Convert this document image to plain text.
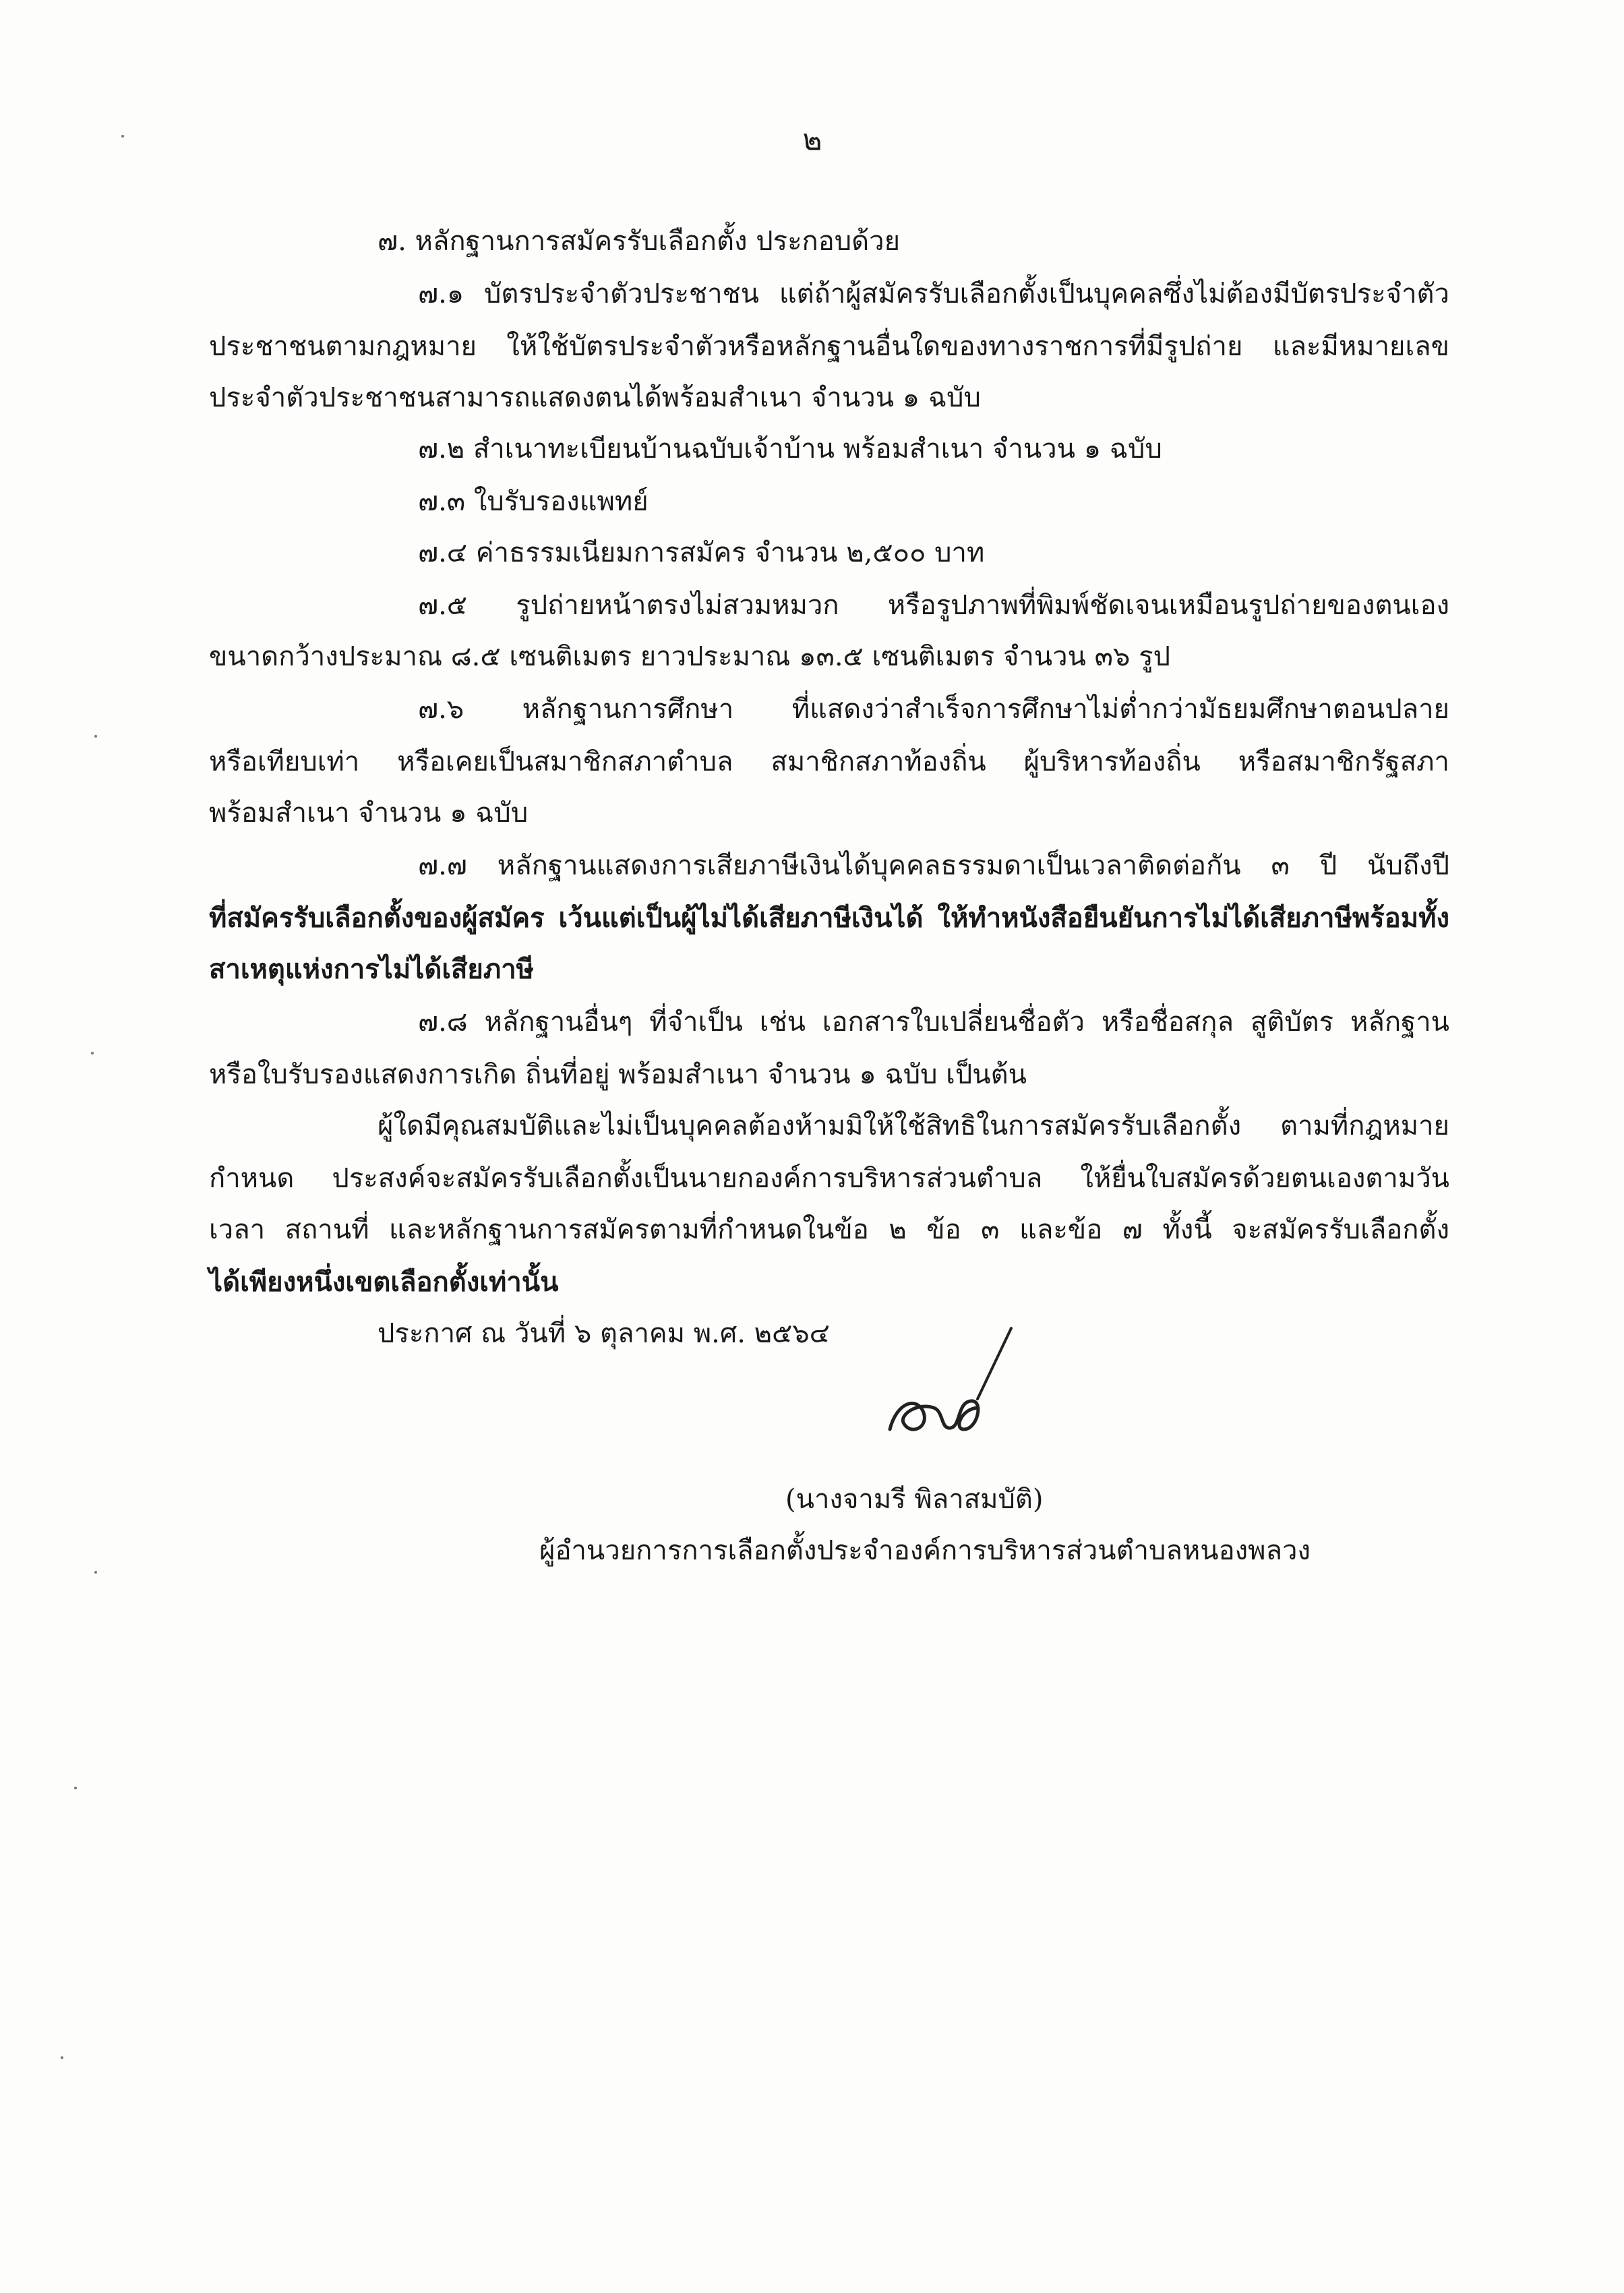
๒
๗. หลักฐานการสมัครรับเลือกตั้ง ประกอบด้วย
๗.๑ บัตรประจำตัวประชาชน แต่ถ้าผู้สมัครรับเลือกตั้งเป็นบุคคลซึ่งไม่ต้องมีบัตรประจำตัว
ประชาชนตามกฎหมาย ให้ใช้บัตรประจำตัวหรือหลักฐานอื่นใดของทางราชการที่มีรูปถ่าย และมีหมายเลข
ประจำตัวประชาชนสามารถแสดงตนได้พร้อมสำเนา จำนวน ๑ ฉบับ
๗.๒ สำเนาทะเบียนบ้านฉบับเจ้าบ้าน พร้อมสำเนา จำนวน ๑ ฉบับ
๗.๓ ใบรับรองแพทย์
๗.๔ ค่าธรรมเนียมการสมัคร จำนวน ๒,๕๐๐ บาท
๗.๕ รูปถ่ายหน้าตรงไม่สวมหมวก หรือรูปภาพที่พิมพ์ชัดเจนเหมือนรูปถ่ายของตนเอง
ขนาดกว้างประมาณ ๘.๕ เซนติเมตร ยาวประมาณ ๑๓.๕ เซนติเมตร จำนวน ๓๖ รูป
๗.๖ หลักฐานการศึกษา ที่แสดงว่าสำเร็จการศึกษาไม่ต่ำกว่ามัธยมศึกษาตอนปลาย
หรือเทียบเท่า หรือเคยเป็นสมาชิกสภาตำบล สมาชิกสภาท้องถิ่น ผู้บริหารท้องถิ่น หรือสมาชิกรัฐสภา
พร้อมสำเนา จำนวน ๑ ฉบับ
๗.๗ หลักฐานแสดงการเสียภาษีเงินได้บุคคลธรรมดาเป็นเวลาติดต่อกัน ๓ ปี นับถึงปี
ที่สมัครรับเลือกตั้งของผู้สมัคร เว้นแต่เป็นผู้ไม่ได้เสียภาษีเงินได้ ให้ทำหนังสือยืนยันการไม่ได้เสียภาษีพร้อมทั้ง
สาเหตุแห่งการไม่ได้เสียภาษี
๗.๘ หลักฐานอื่นๆ ที่จำเป็น เช่น เอกสารใบเปลี่ยนชื่อตัว หรือชื่อสกุล สูติบัตร หลักฐาน
หรือใบรับรองแสดงการเกิด ถิ่นที่อยู่ พร้อมสำเนา จำนวน ๑ ฉบับ เป็นต้น
ผู้ใดมีคุณสมบัติและไม่เป็นบุคคลต้องห้ามมิให้ใช้สิทธิในการสมัครรับเลือกตั้ง ตามที่กฎหมาย
กำหนด ประสงค์จะสมัครรับเลือกตั้งเป็นนายกองค์การบริหารส่วนตำบล ให้ยื่นใบสมัครด้วยตนเองตามวัน
เวลา สถานที่ และหลักฐานการสมัครตามที่กำหนดในข้อ ๒ ข้อ ๓ และข้อ ๗ ทั้งนี้ จะสมัครรับเลือกตั้ง
ได้เพียงหนึ่งเขตเลือกตั้งเท่านั้น
ประกาศ ณ วันที่ ๖ ตุลาคม พ.ศ. ๒๕๖๔
(นางจามรี พิลาสมบัติ)
ผู้อำนวยการการเลือกตั้งประจำองค์การบริหารส่วนตำบลหนองพลวง
